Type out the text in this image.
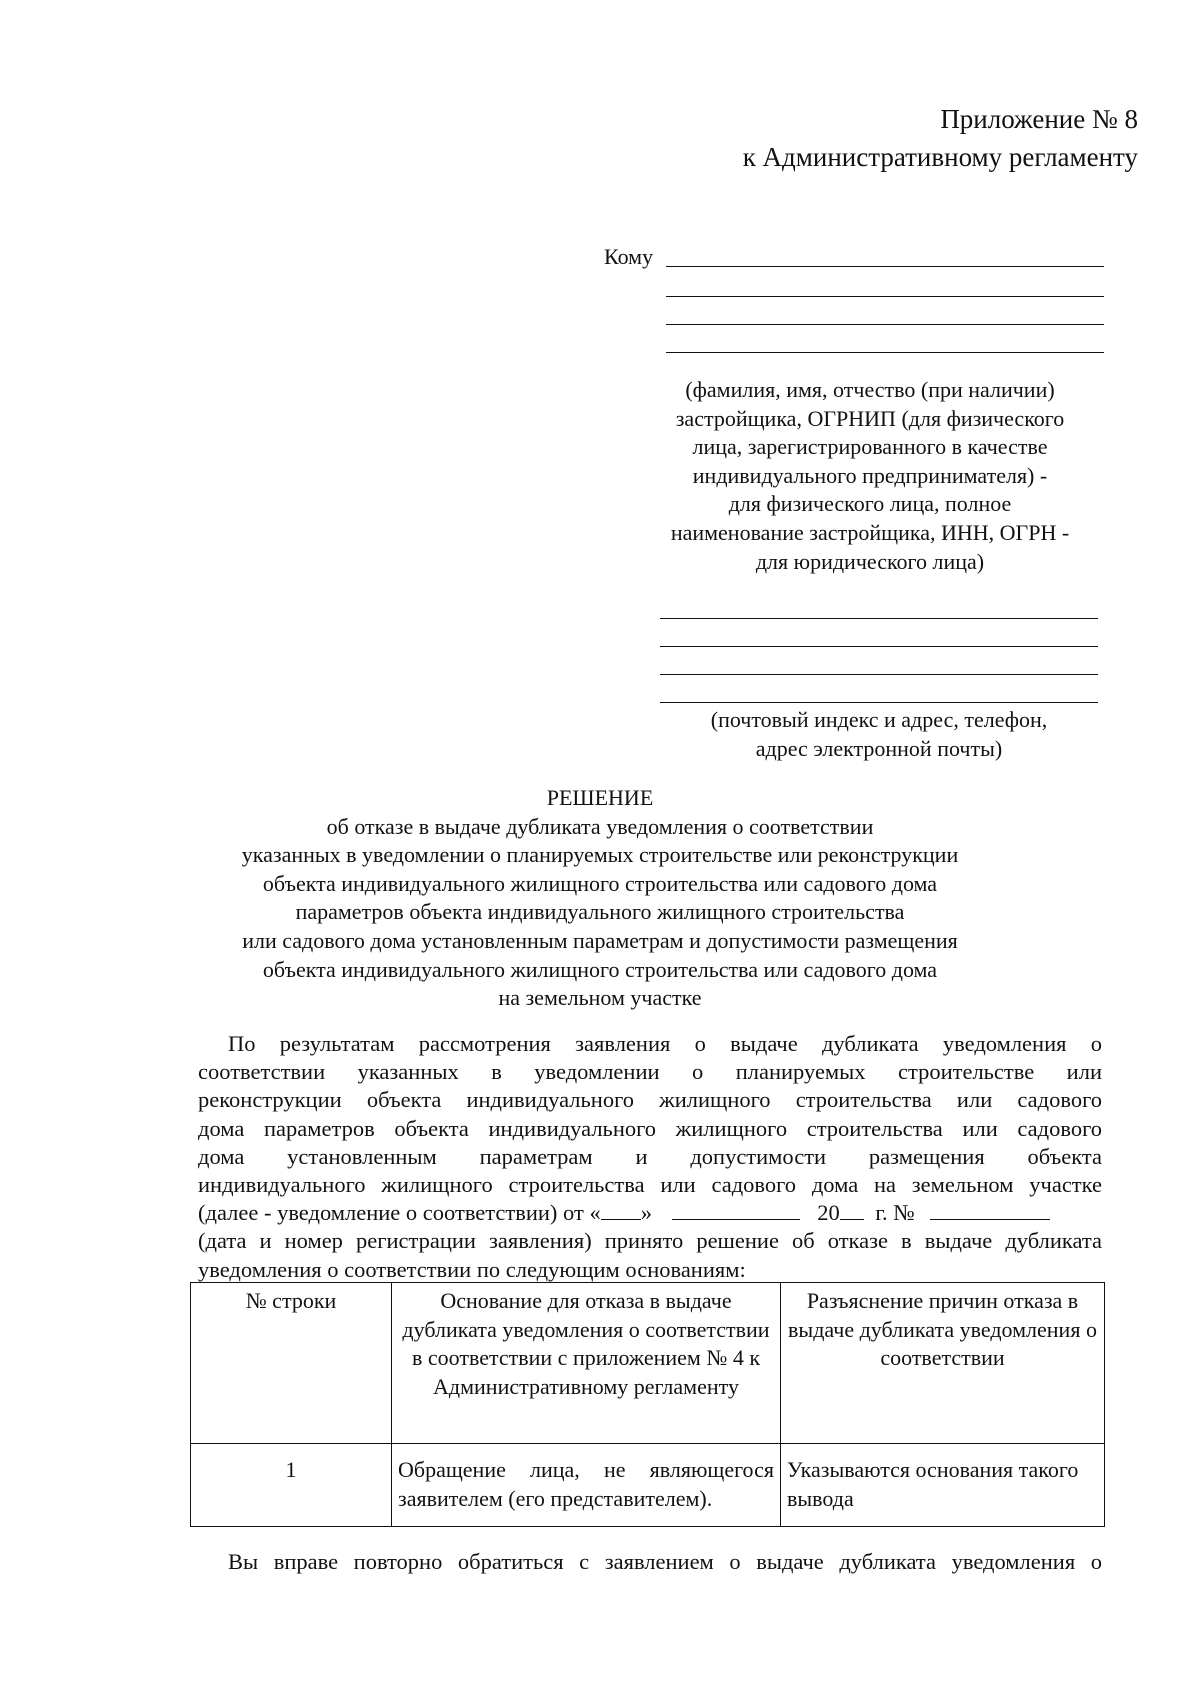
Приложение № 8
к Административному регламенту
Кому
(фамилия, имя, отчество (при наличии)
застройщика, ОГРНИП (для физического
лица, зарегистрированного в качестве
индивидуального предпринимателя) -
для физического лица, полное
наименование застройщика, ИНН, ОГРН -
для юридического лица)
(почтовый индекс и адрес, телефон,
адрес электронной почты)
РЕШЕНИЕ
об отказе в выдаче дубликата уведомления о соответствии
указанных в уведомлении о планируемых строительстве или реконструкции
объекта индивидуального жилищного строительства или садового дома
параметров объекта индивидуального жилищного строительства
или садового дома установленным параметрам и допустимости размещения
объекта индивидуального жилищного строительства или садового дома
на земельном участке
По результатам рассмотрения заявления о выдаче дубликата уведомления о
соответствии указанных в уведомлении о планируемых строительстве или
реконструкции объекта индивидуального жилищного строительства или садового
дома параметров объекта индивидуального жилищного строительства или садового
дома установленным параметрам и допустимости размещения объекта
индивидуального жилищного строительства или садового дома на земельном участке
(далее - уведомление о соответствии) от « »	20 г. №
(дата и номер регистрации заявления) принято решение об отказе в выдаче дубликата
уведомления о соответствии по следующим основаниям:
№ строки	Основание для отказа в выдаче дубликата уведомления о соответствии в соответствии с приложением № 4 к Административному регламенту	Разъяснение причин отказа в выдаче дубликата уведомления о соответствии
1	Обращение лица, не являющегося заявителем (его представителем).	Указываются основания такого вывода
Вы вправе повторно обратиться с заявлением о выдаче дубликата уведомления о
